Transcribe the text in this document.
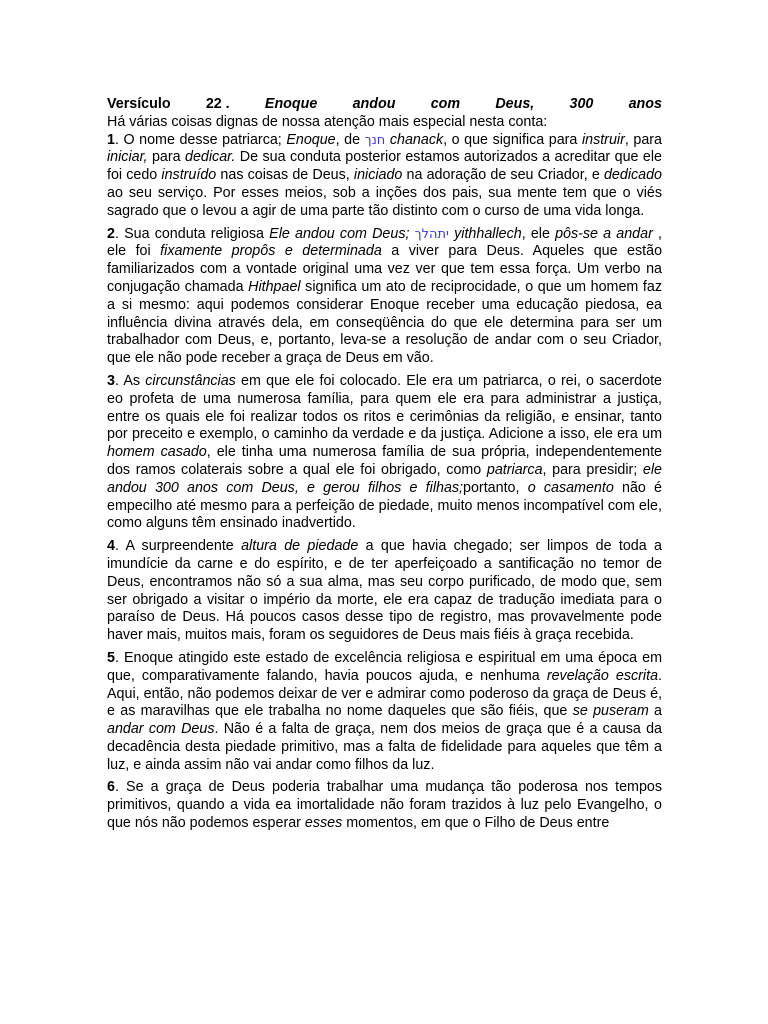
Versículo 22 . Enoque andou com Deus, 300 anos

Há várias coisas dignas de nossa atenção mais especial nesta conta:

1. O nome desse patriarca; Enoque, de חנך chanack, o que significa para instruir, para iniciar, para dedicar. De sua conduta posterior estamos autorizados a acreditar que ele foi cedo instruído nas coisas de Deus, iniciado na adoração de seu Criador, e dedicado ao seu serviço. Por esses meios, sob a inções dos pais, sua mente tem que o viés sagrado que o levou a agir de uma parte tão distinto com o curso de uma vida longa.

2. Sua conduta religiosa Ele andou com Deus; יתהלך yithhallech, ele pôs-se a andar , ele foi fixamente propôs e determinada a viver para Deus. Aqueles que estão familiarizados com a vontade original uma vez ver que tem essa força. Um verbo na conjugação chamada Hithpael significa um ato de reciprocidade, o que um homem faz a si mesmo: aqui podemos considerar Enoque receber uma educação piedosa, ea influência divina através dela, em conseqüência do que ele determina para ser um trabalhador com Deus, e, portanto, leva-se a resolução de andar com o seu Criador, que ele não pode receber a graça de Deus em vão.

3. As circunstâncias em que ele foi colocado. Ele era um patriarca, o rei, o sacerdote eo profeta de uma numerosa família, para quem ele era para administrar a justiça, entre os quais ele foi realizar todos os ritos e cerimônias da religião, e ensinar, tanto por preceito e exemplo, o caminho da verdade e da justiça. Adicione a isso, ele era um homem casado, ele tinha uma numerosa família de sua própria, independentemente dos ramos colaterais sobre a qual ele foi obrigado, como patriarca, para presidir; ele andou 300 anos com Deus, e gerou filhos e filhas;portanto, o casamento não é empecilho até mesmo para a perfeição de piedade, muito menos incompatível com ele, como alguns têm ensinado inadvertido.

4. A surpreendente altura de piedade a que havia chegado; ser limpos de toda a imundície da carne e do espírito, e de ter aperfeiçoado a santificação no temor de Deus, encontramos não só a sua alma, mas seu corpo purificado, de modo que, sem ser obrigado a visitar o império da morte, ele era capaz de tradução imediata para o paraíso de Deus. Há poucos casos desse tipo de registro, mas provavelmente pode haver mais, muitos mais, foram os seguidores de Deus mais fiéis à graça recebida.

5. Enoque atingido este estado de excelência religiosa e espiritual em uma época em que, comparativamente falando, havia poucos ajuda, e nenhuma revelação escrita. Aqui, então, não podemos deixar de ver e admirar como poderoso da graça de Deus é, e as maravilhas que ele trabalha no nome daqueles que são fiéis, que se puseram a andar com Deus. Não é a falta de graça, nem dos meios de graça que é a causa da decadência desta piedade primitivo, mas a falta de fidelidade para aqueles que têm a luz, e ainda assim não vai andar como filhos da luz.

6. Se a graça de Deus poderia trabalhar uma mudança tão poderosa nos tempos primitivos, quando a vida ea imortalidade não foram trazidos à luz pelo Evangelho, o que nós não podemos esperar esses momentos, em que o Filho de Deus entre
